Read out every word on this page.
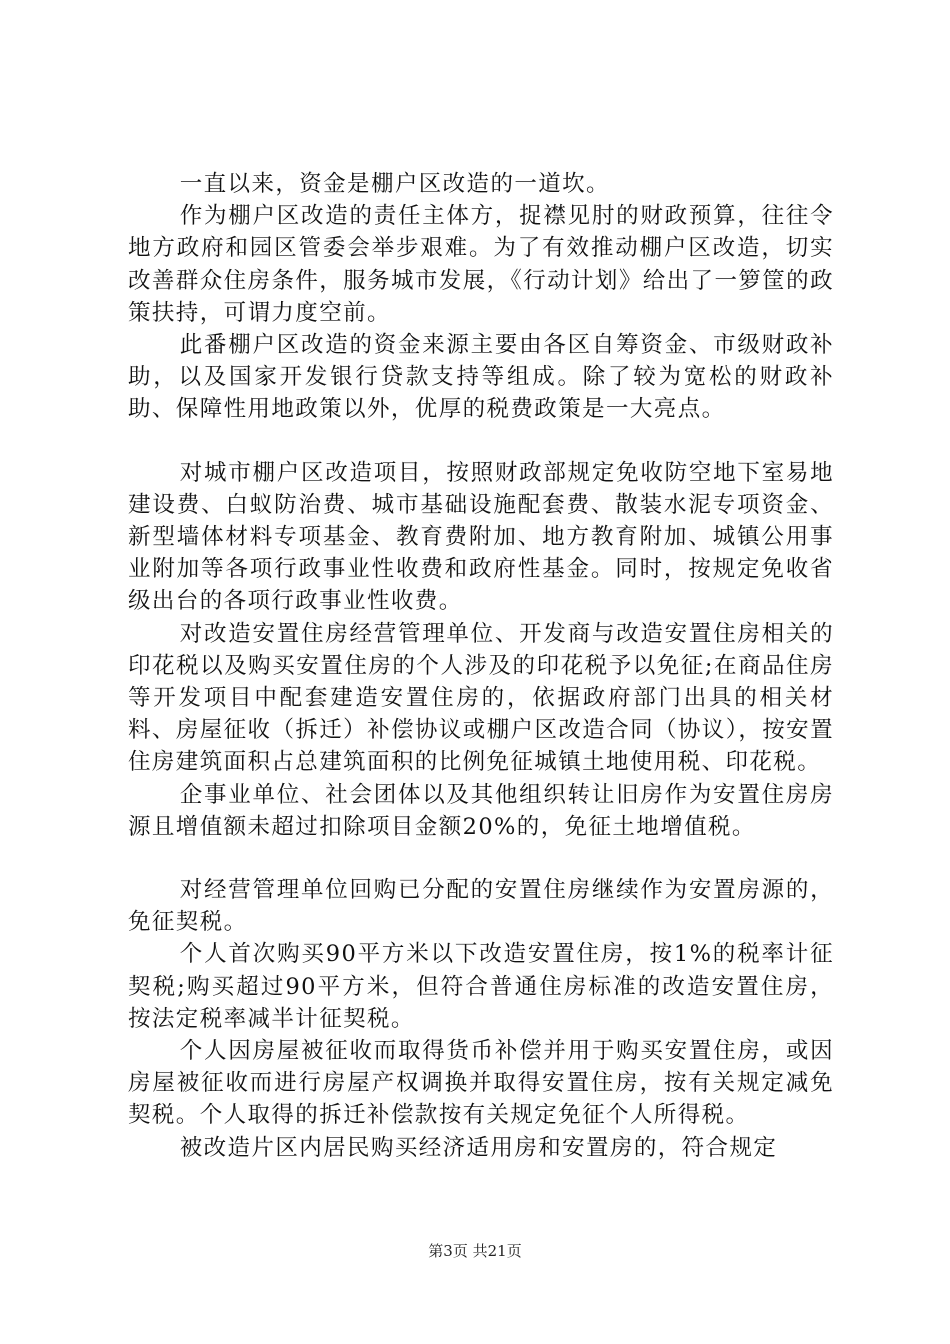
一直以来，资金是棚户区改造的一道坎。

作为棚户区改造的责任主体方，捉襟见肘的财政预算，往往令地方政府和园区管委会举步艰难。为了有效推动棚户区改造，切实改善群众住房条件，服务城市发展，《行动计划》给出了一箩筐的政策扶持，可谓力度空前。

此番棚户区改造的资金来源主要由各区自筹资金、市级财政补助，以及国家开发银行贷款支持等组成。除了较为宽松的财政补助、保障性用地政策以外，优厚的税费政策是一大亮点。

对城市棚户区改造项目，按照财政部规定免收防空地下室易地建设费、白蚁防治费、城市基础设施配套费、散装水泥专项资金、新型墙体材料专项基金、教育费附加、地方教育附加、城镇公用事业附加等各项行政事业性收费和政府性基金。同时，按规定免收省级出台的各项行政事业性收费。

对改造安置住房经营管理单位、开发商与改造安置住房相关的印花税以及购买安置住房的个人涉及的印花税予以免征;在商品住房等开发项目中配套建造安置住房的，依据政府部门出具的相关材料、房屋征收（拆迁）补偿协议或棚户区改造合同（协议），按安置住房建筑面积占总建筑面积的比例免征城镇土地使用税、印花税。

企事业单位、社会团体以及其他组织转让旧房作为安置住房房源且增值额未超过扣除项目金额20%的，免征土地增值税。

对经营管理单位回购已分配的安置住房继续作为安置房源的，免征契税。

个人首次购买90平方米以下改造安置住房，按1%的税率计征契税;购买超过90平方米，但符合普通住房标准的改造安置住房，按法定税率减半计征契税。

个人因房屋被征收而取得货币补偿并用于购买安置住房，或因房屋被征收而进行房屋产权调换并取得安置住房，按有关规定减免契税。个人取得的拆迁补偿款按有关规定免征个人所得税。

被改造片区内居民购买经济适用房和安置房的，符合规定

第3页 共21页
